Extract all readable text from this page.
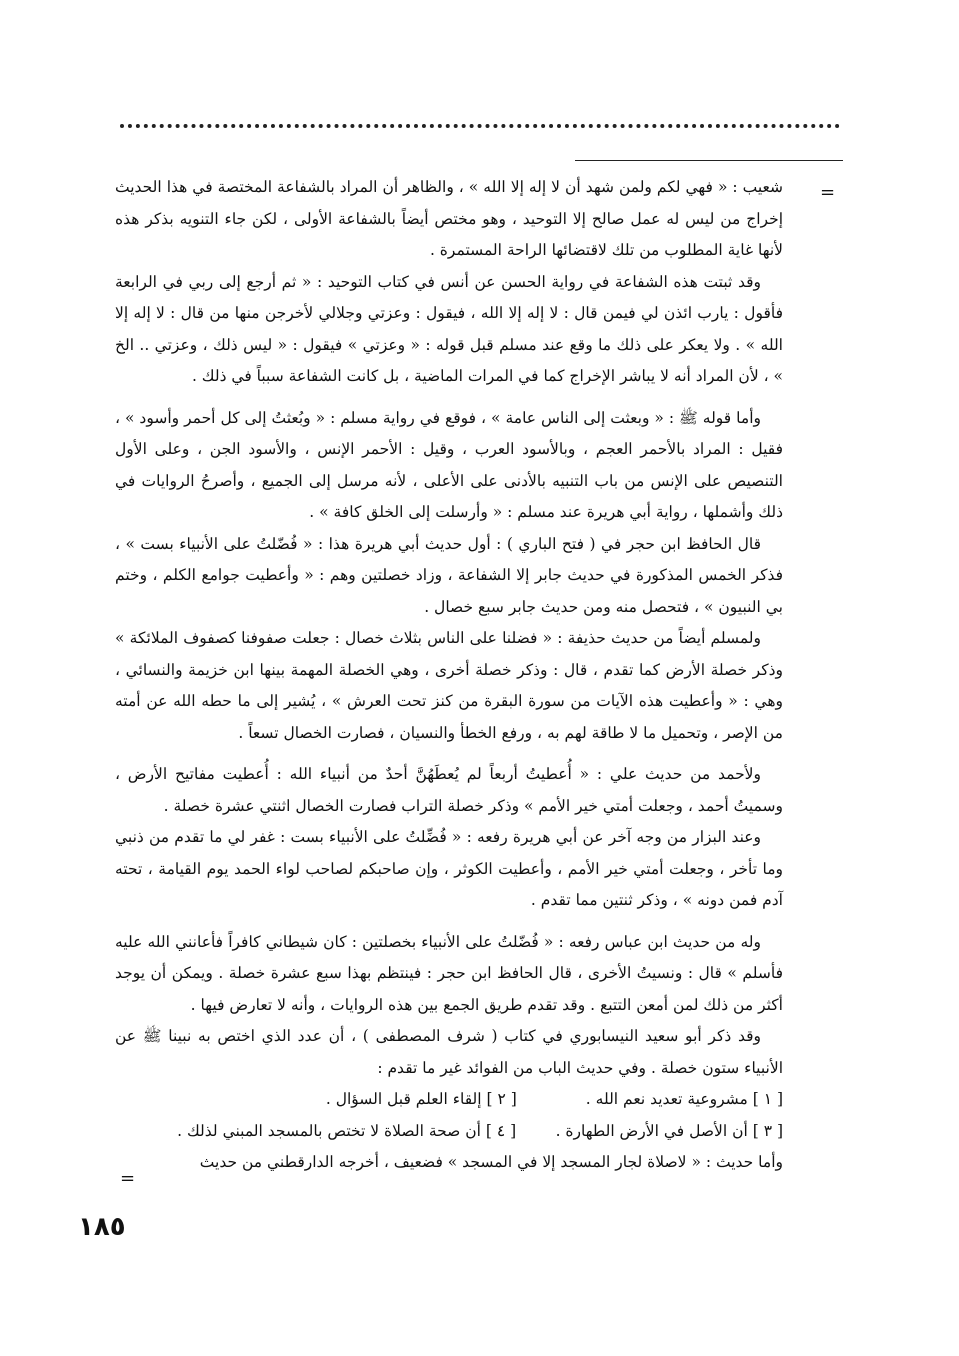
=

شعيب : « فهي لكم ولمن شهد أن لا إله إلا الله » ، والظاهر أن المراد بالشفاعة المختصة في هذا الحديث إخراج من ليس له عمل صالح إلا التوحيد ، وهو مختص أيضاً بالشفاعة الأولى ، لكن جاء التنويه بذكر هذه لأنها غاية المطلوب من تلك لاقتضائها الراحة المستمرة .

وقد ثبتت هذه الشفاعة في رواية الحسن عن أنس في كتاب التوحيد : « ثم أرجع إلى ربي في الرابعة فأقول : يارب ائذن لي فيمن قال : لا إله إلا الله ، فيقول : وعزتي وجلالي لأخرجن منها من قال : لا إله إلا الله » . ولا يعكر على ذلك ما وقع عند مسلم قبل قوله : « وعزتي » فيقول : « ليس ذلك ، وعزتي .. الخ » ، لأن المراد أنه لا يباشر الإخراج كما في المرات الماضية ، بل كانت الشفاعة سبباً في ذلك .

وأما قوله ﷺ : « وبعثت إلى الناس عامة » ، فوقع في رواية مسلم : « وبُعثتُ إلى كل أحمر وأسود » ، فقيل : المراد بالأحمر العجم ، وبالأسود العرب ، وقيل : الأحمر الإنس ، والأسود الجن ، وعلى الأول التنصيص على الإنس من باب التنبيه بالأدنى على الأعلى ، لأنه مرسل إلى الجميع ، وأصرحُ الروايات في ذلك وأشملها ، رواية أبي هريرة عند مسلم : « وأرسلت إلى الخلق كافة » .

قال الحافظ ابن حجر في ( فتح الباري ) : أول حديث أبي هريرة هذا : « فُضّلتُ على الأنبياء بست » ، فذكر الخمس المذكورة في حديث جابر إلا الشفاعة ، وزاد خصلتين وهم : « وأعطيت جوامع الكلم ، وختم بي النبيون » ، فتحصل منه ومن حديث جابر سبع خصال .

ولمسلم أيضاً من حديث حذيفة : « فضلنا على الناس بثلاث خصال : جعلت صفوفنا كصفوف الملائكة » وذكر خصلة الأرض كما تقدم ، قال : وذكر خصلة أخرى ، وهي الخصلة المهمة بينها ابن خزيمة والنسائي ، وهي : « وأعطيت هذه الآيات من سورة البقرة من كنز تحت العرش » ، يُشير إلى ما حطه الله عن أمته من الإصر ، وتحميل ما لا طاقة لهم به ، ورفع الخطأ والنسيان ، فصارت الخصال تسعاً .

ولأحمد من حديث علي : « أُعطيتُ أربعاً لم يُعطَهُنَّ أحدٌ من أنبياء الله : أُعطيت مفاتيح الأرض ، وسميتُ أحمد ، وجعلت أمتي خير الأمم » وذكر خصلة التراب فصارت الخصال اثنتي عشرة خصلة .

وعند البزار من وجه آخر عن أبي هريرة رفعه : « فُضِّلتُ على الأنبياء بست : غفر لي ما تقدم من ذنبي وما تأخر ، وجعلت أمتي خير الأمم ، وأعطيت الكوثر ، وإن صاحبكم لصاحب لواء الحمد يوم القيامة ، تحته آدم فمن دونه » ، وذكر ثنتين مما تقدم .

وله من حديث ابن عباس رفعه : « فُضّلتُ على الأنبياء بخصلتين : كان شيطاني كافراً فأعانني الله عليه فأسلم » قال : ونسيتُ الأخرى ، قال الحافظ ابن حجر : فينتظم بهذا سبع عشرة خصلة . ويمكن أن يوجد أكثر من ذلك لمن أمعن التتبع . وقد تقدم طريق الجمع بين هذه الروايات ، وأنه لا تعارض فيها .

وقد ذكر أبو سعيد النيسابوري في كتاب ( شرف المصطفى ) ، أن عدد الذي اختص به نبينا ﷺ عن الأنبياء ستون خصلة . وفي حديث الباب من الفوائد غير ما تقدم :

[ ١ ] مشروعية تعديد نعم الله .              [ ٢ ] إلقاء العلم قبل السؤال .

[ ٣ ] أن الأصل في الأرض الطهارة .        [ ٤ ] أن صحة الصلاة لا تختص بالمسجد المبني لذلك .

وأما حديث : « لاصلاة لجار المسجد إلا في المسجد » فضعيف ، أخرجه الدارقطني من حديث

=
١٨٥
